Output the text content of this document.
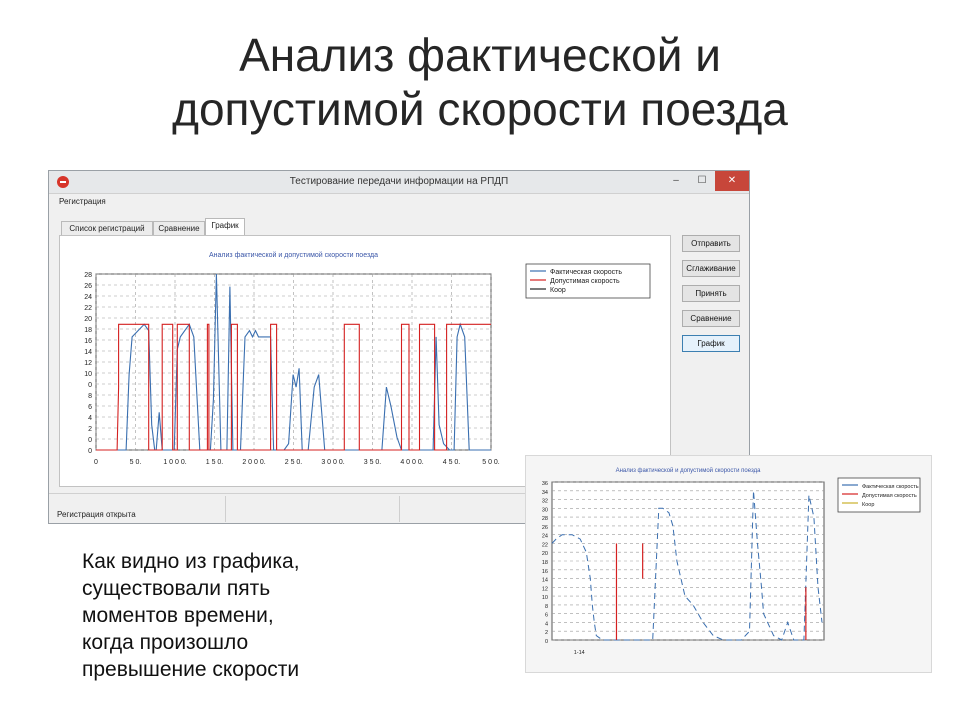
Анализ фактической и
допустимой скорости поезда
Тестирование передачи информации на РПДП	–	☐	✕
Регистрация
Список регистраций	Сравнение	График
Анализ фактической и допустимой скорости поезда
0
0
2
4
6
8
0
10
12
14
16
18
20
22
24
26
28
0	5 0.	1 0 0 0.	1 5 0.	2 0 0 0.	2 5 0.	3 0 0 0.	3 5 0.	4 0 0 0.	4 5 0.	5 0 0.
Фактическая скорость
Допустимая скорость
Коор
Отправить
Сглаживание
Принять
Сравнение
График
Регистрация открыта
Анализ фактической и допустимой скорости поезда
0
2
4
6
8
10
12
14
16
18
20
22
24
26
28
30
32
34
36
1-14
Фактическая скорость
Допустимая скорость
Коор
Как видно из графика,
существовали пять
моментов времени,
когда произошло
превышение скорости
